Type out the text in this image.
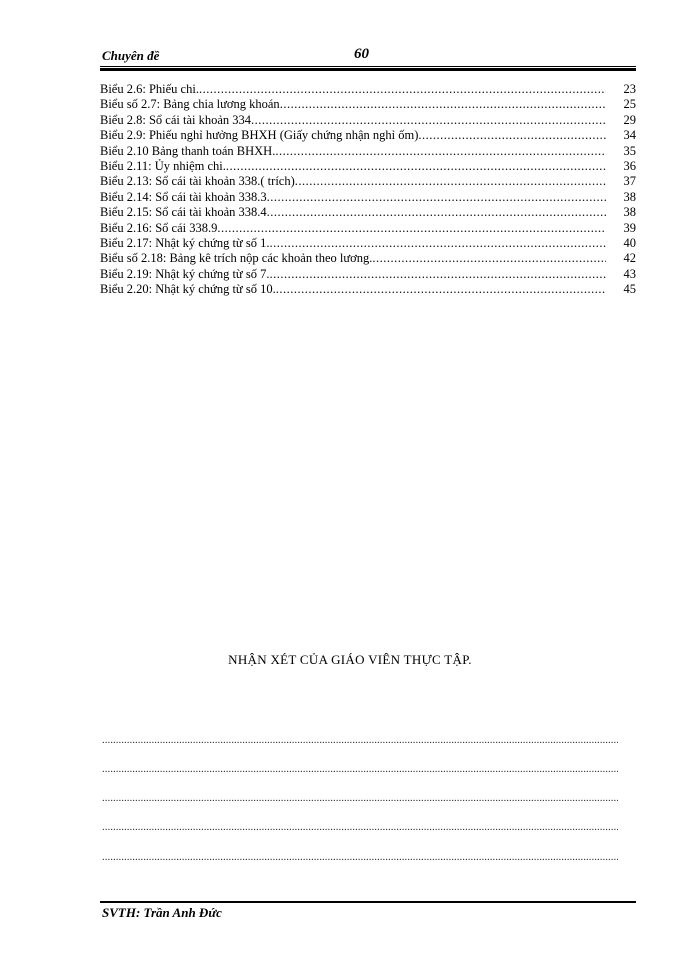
Chuyên đề	60
Biểu 2.6: Phiếu chi. .....	23
Biểu số 2.7: Bảng chia lương khoán .....	25
Biểu 2.8: Sổ cái tài khoản 334 .....	29
Biểu 2.9: Phiếu nghỉ hưởng BHXH (Giấy chứng nhận nghỉ ốm) .....	34
Biểu 2.10 Bảng thanh toán BHXH. .....	35
Biểu 2.11: Ủy nhiệm chi. .....	36
Biểu 2.13: Sổ cái tài khoản 338.( trích) .....	37
Biểu 2.14: Sổ cái tài khoản 338.3 .....	38
Biểu 2.15: Sổ cái tài khoản 338.4 .....	38
Biểu 2.16: Sổ cái 338.9 .....	39
Biểu 2.17: Nhật ký chứng từ số 1. .....	40
Biểu số 2.18: Bảng kê trích nộp các khoản theo lương. .....	42
Biểu 2.19: Nhật ký chứng từ số 7. .....	43
Biểu 2.20: Nhật ký chứng từ số 10. .....	45
NHẬN XÉT CỦA GIÁO VIÊN THỰC TẬP.
.....
.....
.....
.....
.....
SVTH: Trần Anh Đức
